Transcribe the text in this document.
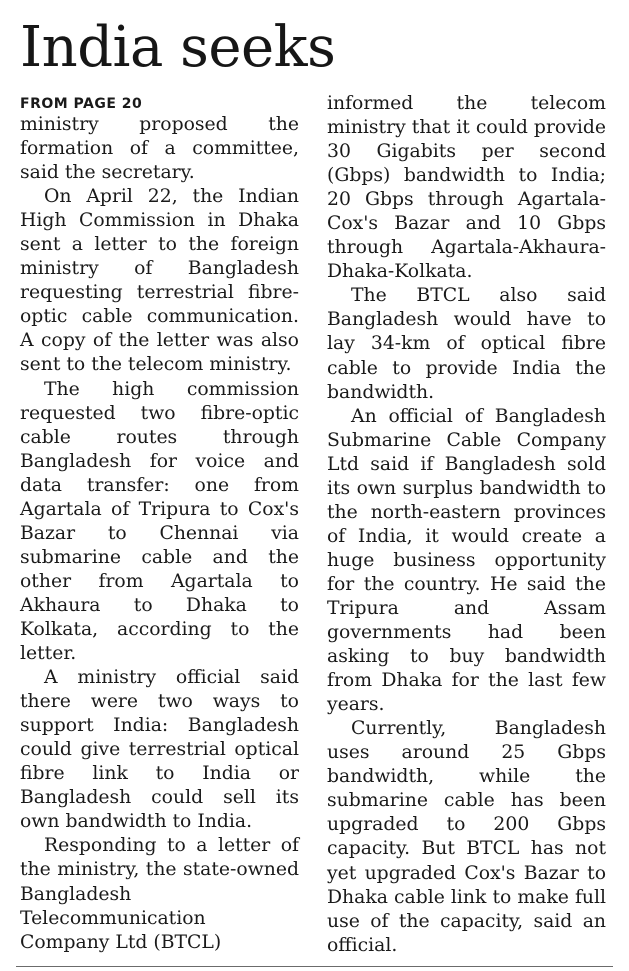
India seeks
FROM PAGE 20

ministry proposed the formation of a committee, said the secretary.

On April 22, the Indian High Commission in Dhaka sent a letter to the foreign ministry of Bangladesh requesting terrestrial fibre-optic cable communication. A copy of the letter was also sent to the telecom ministry.

The high commission requested two fibre-optic cable routes through Bangladesh for voice and data transfer: one from Agartala of Tripura to Cox's Bazar to Chennai via submarine cable and the other from Agartala to Akhaura to Dhaka to Kolkata, according to the letter.

A ministry official said there were two ways to support India: Bangladesh could give terrestrial optical fibre link to India or Bangladesh could sell its own bandwidth to India.

Responding to a letter of the ministry, the state-owned Bangladesh Telecommunication Company Ltd (BTCL)

informed the telecom ministry that it could provide 30 Gigabits per second (Gbps) bandwidth to India; 20 Gbps through Agartala-Cox's Bazar and 10 Gbps through Agartala-Akhaura-Dhaka-Kolkata.

The BTCL also said Bangladesh would have to lay 34-km of optical fibre cable to provide India the bandwidth.

An official of Bangladesh Submarine Cable Company Ltd said if Bangladesh sold its own surplus bandwidth to the north-eastern provinces of India, it would create a huge business opportunity for the country. He said the Tripura and Assam governments had been asking to buy bandwidth from Dhaka for the last few years.

Currently, Bangladesh uses around 25 Gbps bandwidth, while the submarine cable has been upgraded to 200 Gbps capacity. But BTCL has not yet upgraded Cox's Bazar to Dhaka cable link to make full use of the capacity, said an official.
